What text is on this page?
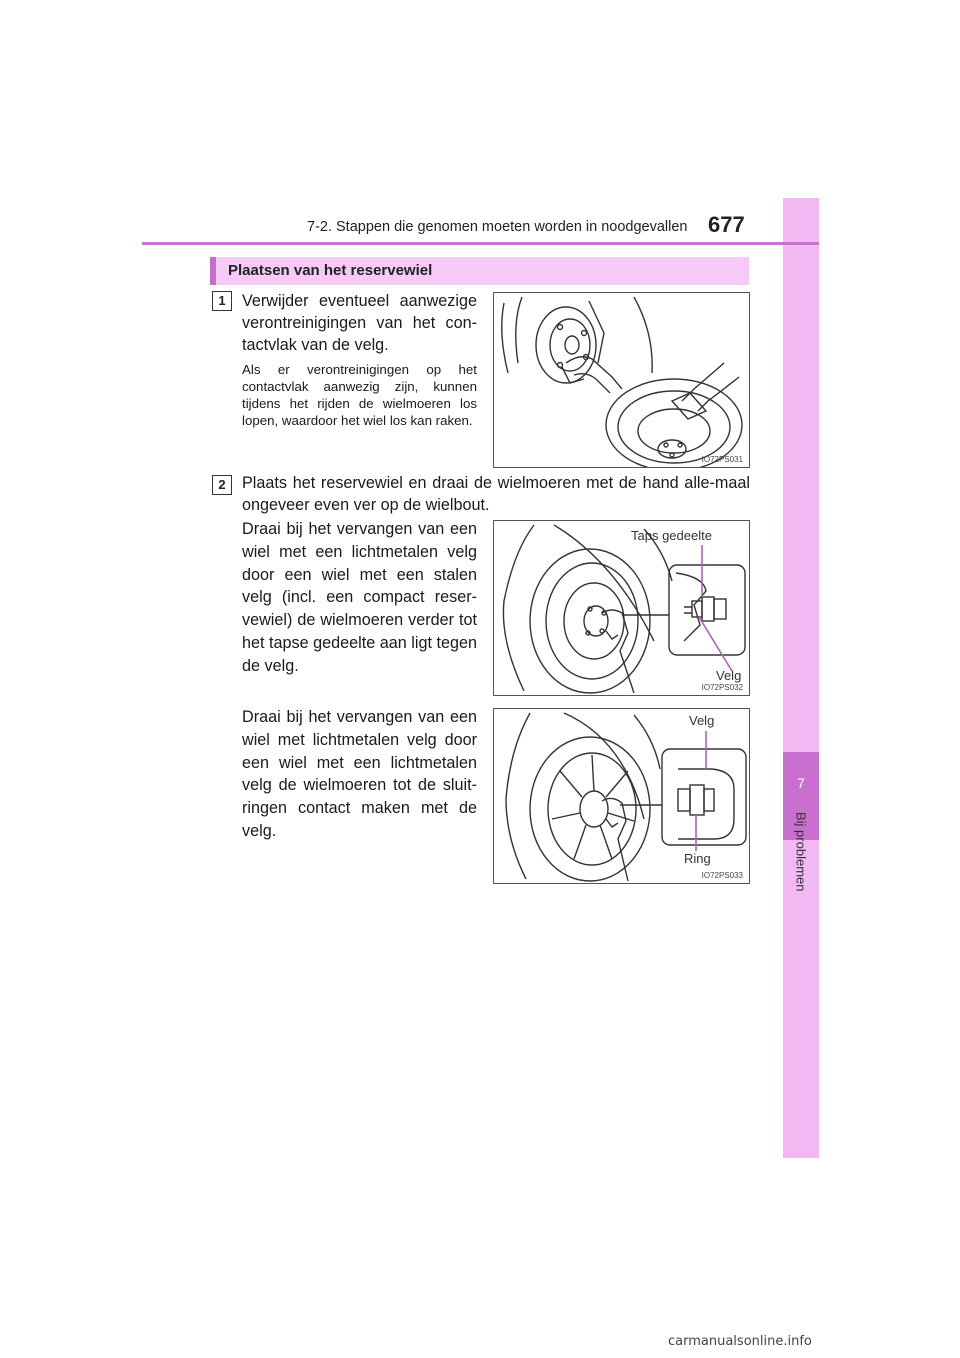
7
Bij problemen
7-2. Stappen die genomen moeten worden in noodgevallen 677
Plaatsen van het reservewiel
1	Verwijder eventueel aanwezige verontreinigingen van het con-tactvlak van de velg.
Als er verontreinigingen op het contactvlak aanwezig zijn, kunnen tijdens het rijden de wielmoeren los lopen, waardoor het wiel los kan raken.
IO72PS031
2	Plaats het reservewiel en draai de wielmoeren met de hand alle-maal ongeveer even ver op de wielbout.
Draai bij het vervangen van een wiel met een lichtmetalen velg door een wiel met een stalen velg (incl. een compact reser-vewiel) de wielmoeren verder tot het tapse gedeelte aan ligt tegen de velg.
Taps gedeelte
Velg
IO72PS032
Draai bij het vervangen van een wiel met lichtmetalen velg door een wiel met een lichtmetalen velg de wielmoeren tot de sluit-ringen contact maken met de velg.
Velg
Ring
IO72PS033
carmanualsonline.info
